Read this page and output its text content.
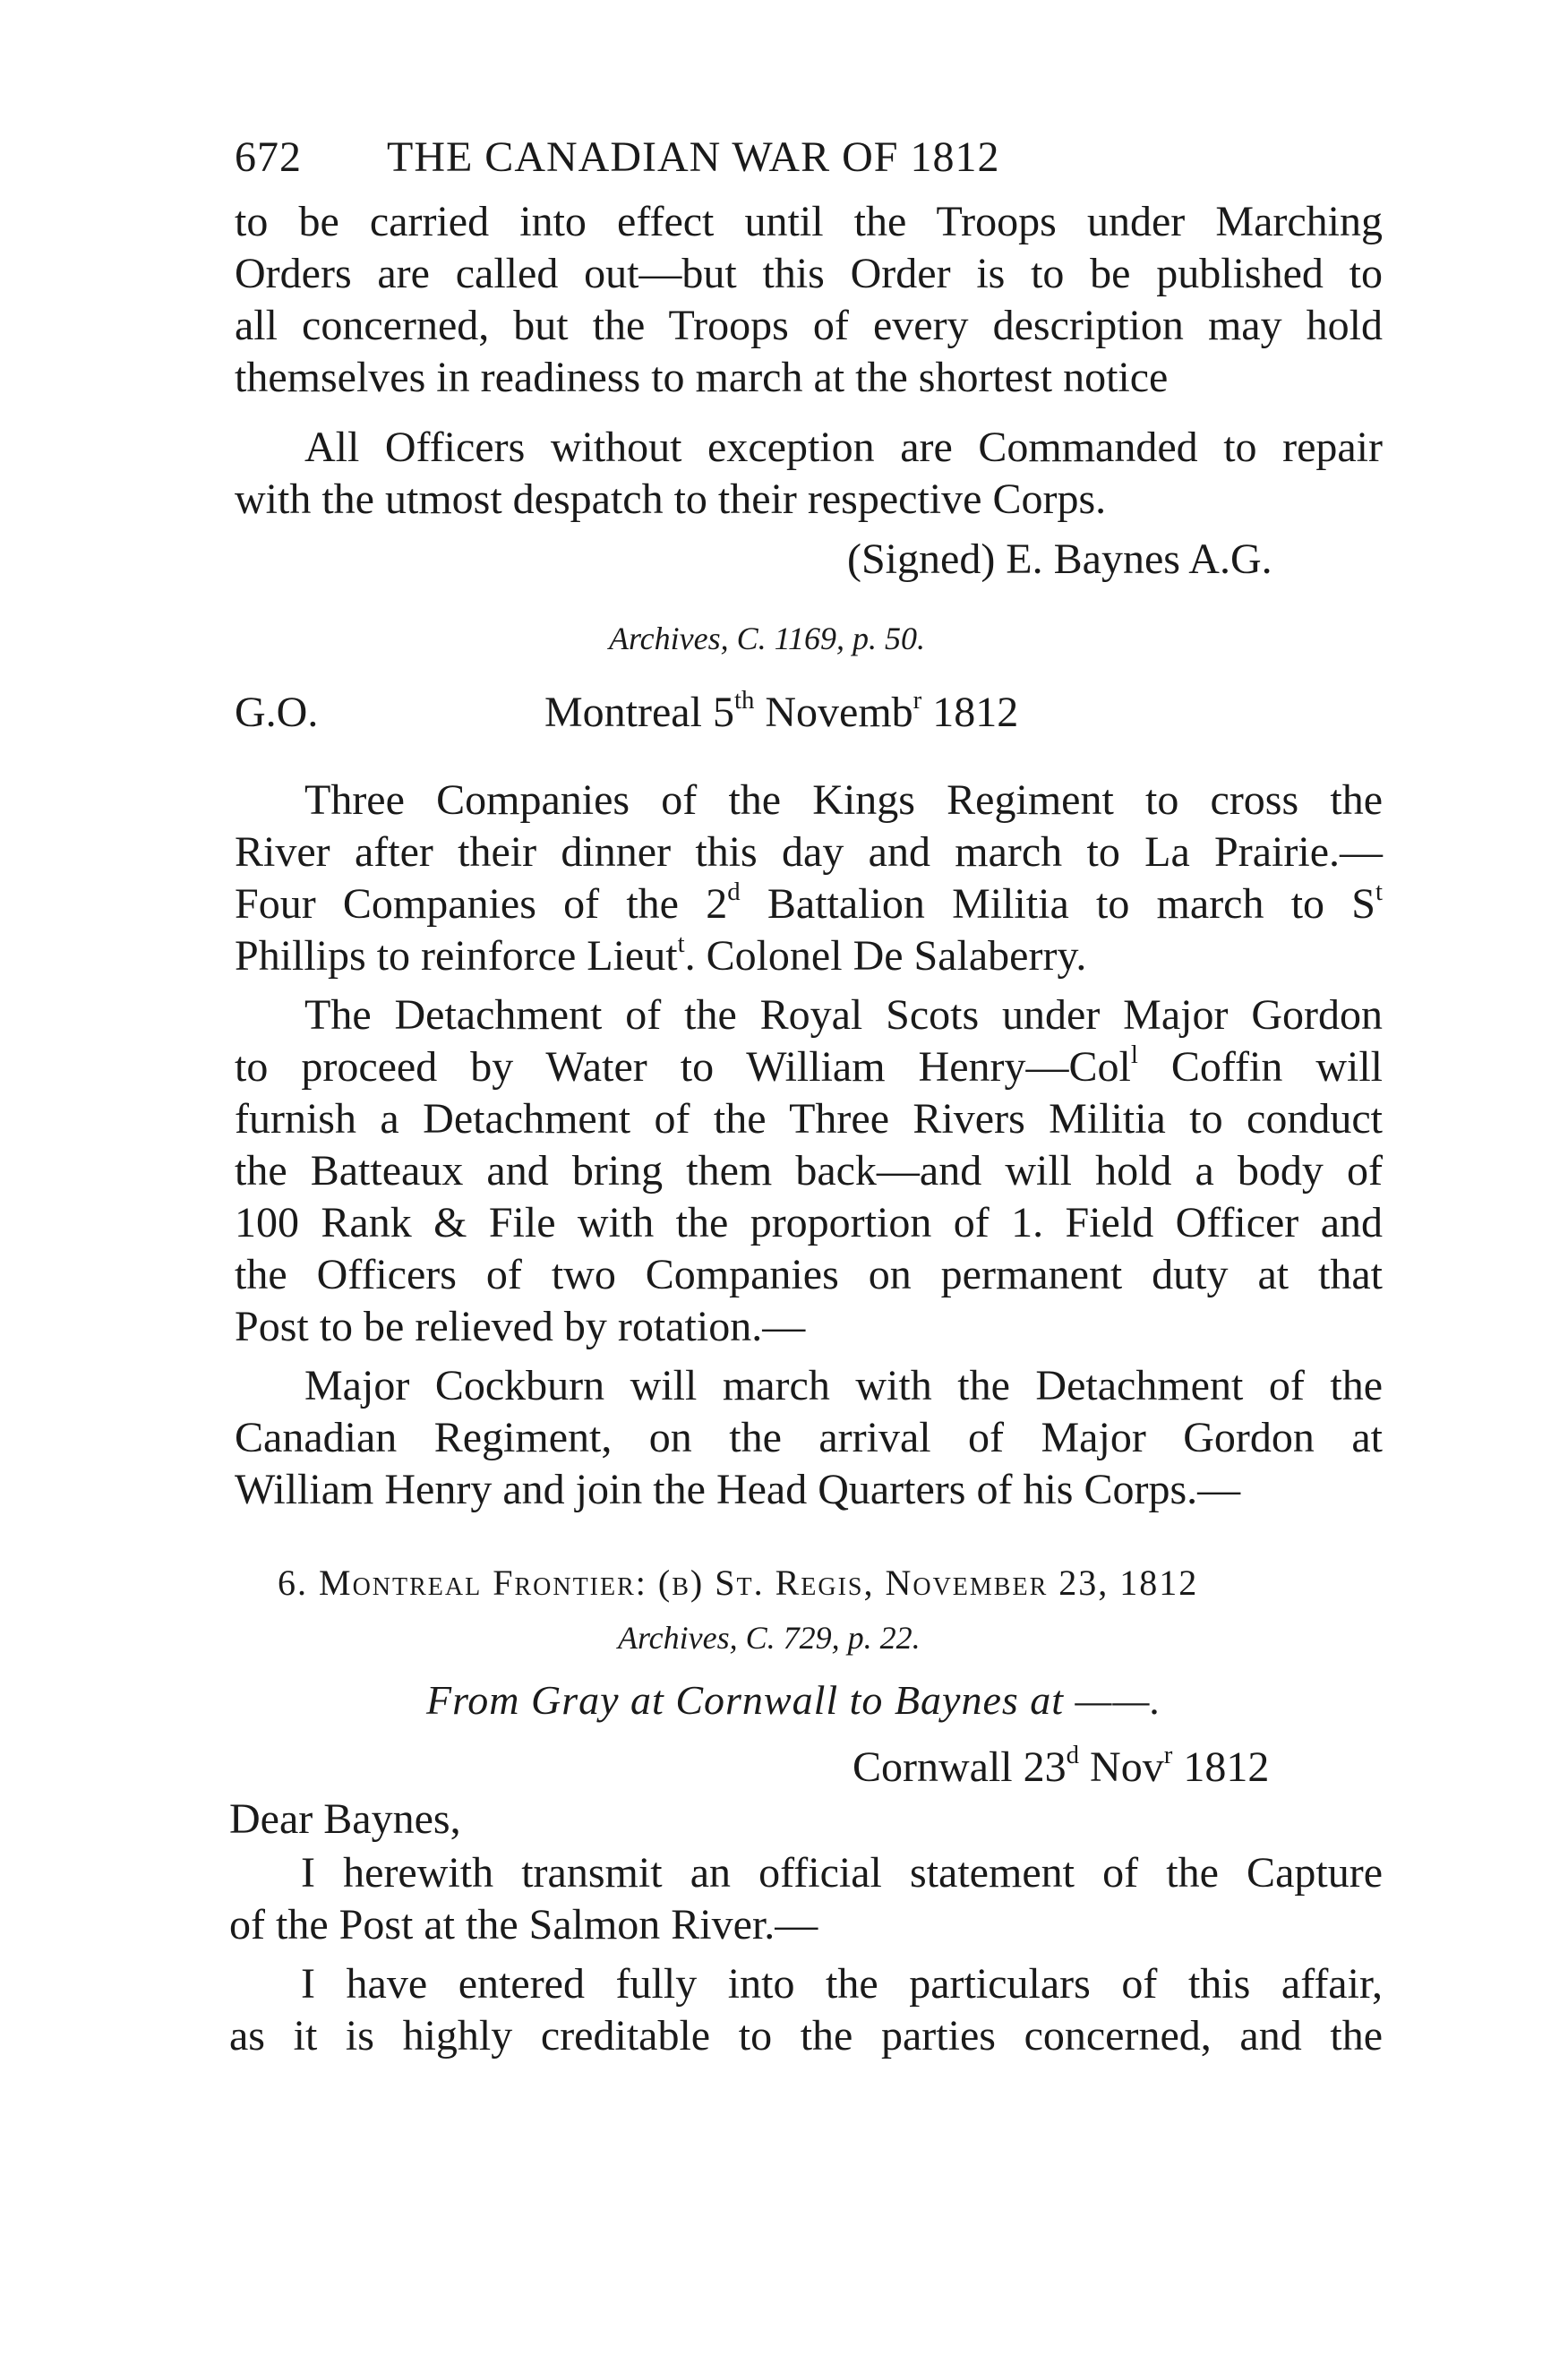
672 THE CANADIAN WAR OF 1812
to be carried into effect until the Troops under Marching
Orders are called out—but this Order is to be published to
all concerned, but the Troops of every description may hold
themselves in readiness to march at the shortest notice
All Officers without exception are Commanded to repair
with the utmost despatch to their respective Corps.
(Signed) E. Baynes A.G.
Archives, C. 1169, p. 50.
G.O.	Montreal 5th Novemb$^r$ 1812
Three Companies of the Kings Regiment to cross the
River after their dinner this day and march to La Prairie.—
Four Companies of the 2$^d$ Battalion Militia to march to $S^t$
Phillips to reinforce Lieut$^t$. Colonel De Salaberry.
The Detachment of the Royal Scots under Major Gordon
to proceed by Water to William Henry—Col$^l$ Coffin will
furnish a Detachment of the Three Rivers Militia to conduct
the Batteaux and bring them back—and will hold a body of
100 Rank & File with the proportion of 1. Field Officer and
the Officers of two Companies on permanent duty at that
Post to be relieved by rotation.—
Major Cockburn will march with the Detachment of the
Canadian Regiment, on the arrival of Major Gordon at
William Henry and join the Head Quarters of his Corps.—
6. Montreal Frontier: (b) St. Regis, November 23, 1812
Archives, C. 729, p. 22.
From Gray at Cornwall to Baynes at ——.
Cornwall 23$^d$ Nov$^r$ 1812
Dear Baynes,
I herewith transmit an official statement of the Capture
of the Post at the Salmon River.—
I have entered fully into the particulars of this affair,
as it is highly creditable to the parties concerned, and the
